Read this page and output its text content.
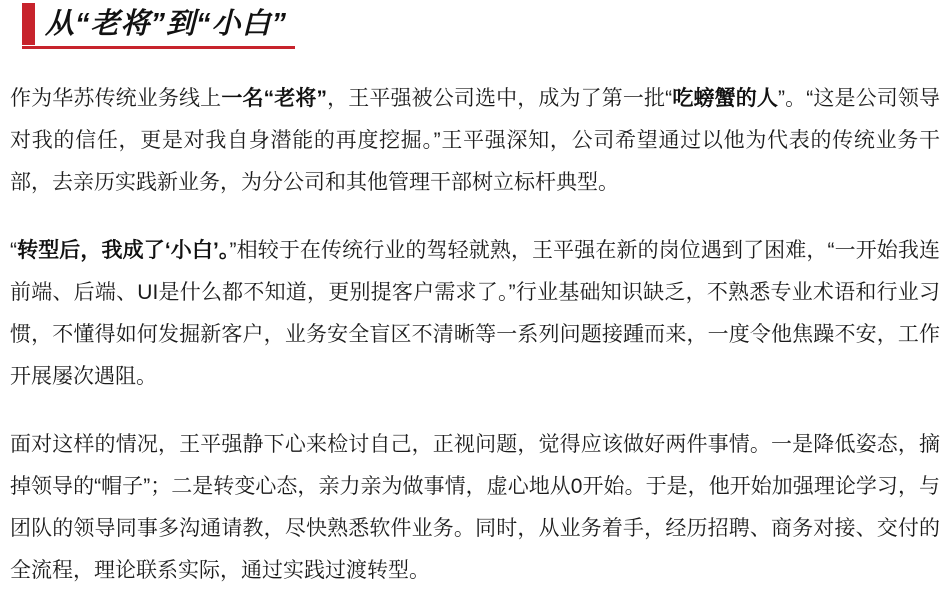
从“老将”到“小白”

作为华苏传统业务线上一名“老将”，王平强被公司选中，成为了第一批“吃螃蟹的人”。“这是公司领导对我的信任，更是对我自身潜能的再度挖掘。”王平强深知，公司希望通过以他为代表的传统业务干部，去亲历实践新业务，为分公司和其他管理干部树立标杆典型。

“转型后，我成了‘小白’。”相较于在传统行业的驾轻就熟，王平强在新的岗位遇到了困难，“一开始我连前端、后端、UI是什么都不知道，更别提客户需求了。”行业基础知识缺乏，不熟悉专业术语和行业习惯，不懂得如何发掘新客户，业务安全盲区不清晰等一系列问题接踵而来，一度令他焦躁不安，工作开展屡次遇阻。

面对这样的情况，王平强静下心来检讨自己，正视问题，觉得应该做好两件事情。一是降低姿态，摘掉领导的“帽子”；二是转变心态，亲力亲为做事情，虚心地从0开始。于是，他开始加强理论学习，与团队的领导同事多沟通请教，尽快熟悉软件业务。同时，从业务着手，经历招聘、商务对接、交付的全流程，理论联系实际，通过实践过渡转型。
